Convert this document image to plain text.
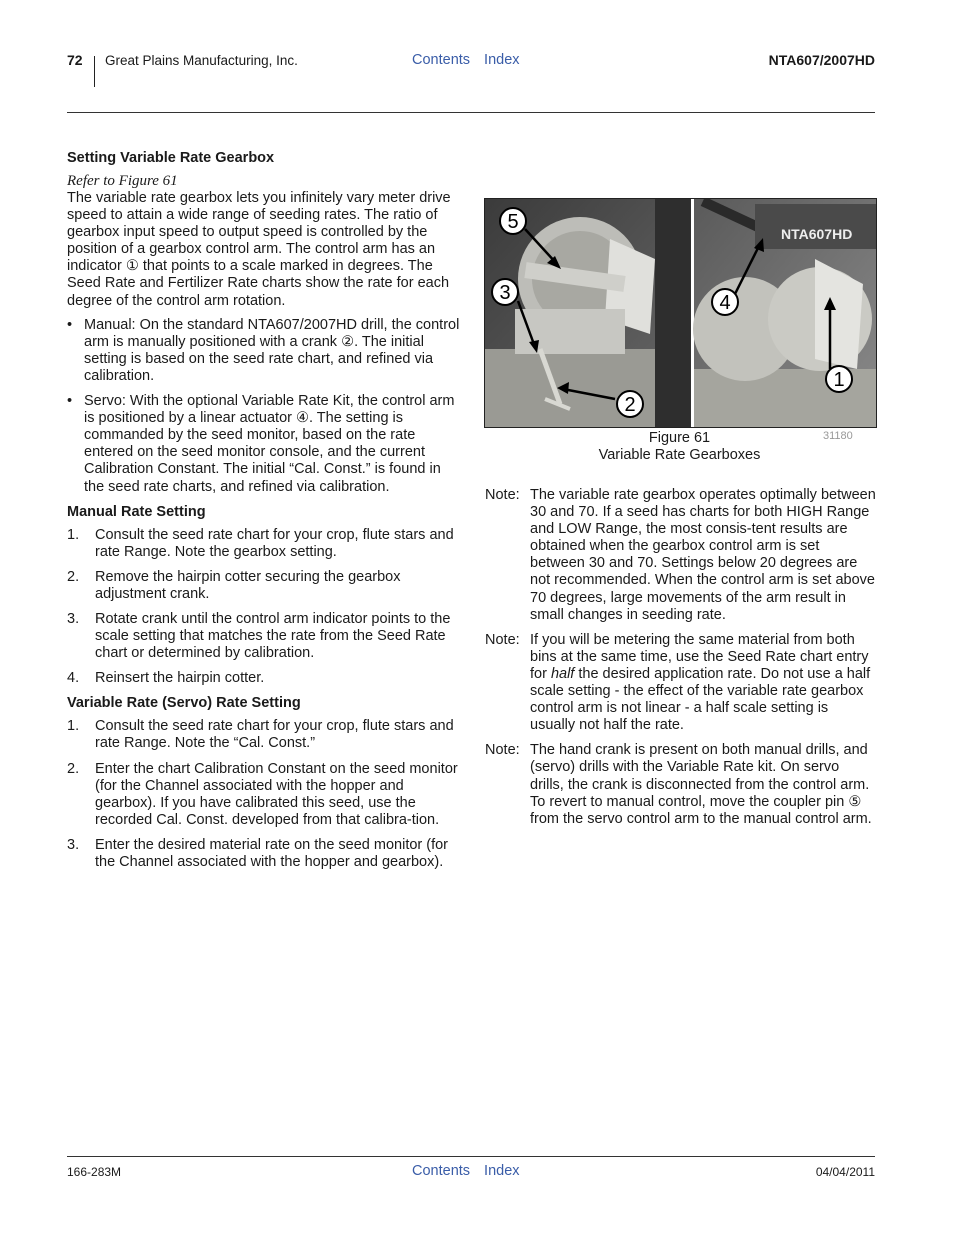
72 Great Plains Manufacturing, Inc.	Contents Index	NTA607/2007HD
Setting Variable Rate Gearbox
Refer to Figure 61

The variable rate gearbox lets you infinitely vary meter drive speed to attain a wide range of seeding rates. The ratio of gearbox input speed to output speed is controlled by the position of a gearbox control arm. The control arm has an indicator ① that points to a scale marked in degrees. The Seed Rate and Fertilizer Rate charts show the rate for each degree of the control arm rotation.

• Manual: On the standard NTA607/2007HD drill, the control arm is manually positioned with a crank ②. The initial setting is based on the seed rate chart, and refined via calibration.
• Servo: With the optional Variable Rate Kit, the control arm is positioned by a linear actuator ④. The setting is commanded by the seed monitor, based on the rate entered on the seed monitor console, and the current Calibration Constant. The initial “Cal. Const.” is found in the seed rate charts, and refined via calibration.
Manual Rate Setting
1. Consult the seed rate chart for your crop, flute stars and rate Range. Note the gearbox setting.
2. Remove the hairpin cotter securing the gearbox adjustment crank.
3. Rotate crank until the control arm indicator points to the scale setting that matches the rate from the Seed Rate chart or determined by calibration.
4. Reinsert the hairpin cotter.
Variable Rate (Servo) Rate Setting
1. Consult the seed rate chart for your crop, flute stars and rate Range. Note the “Cal. Const.”
2. Enter the chart Calibration Constant on the seed monitor (for the Channel associated with the hopper and gearbox). If you have calibrated this seed, use the recorded Cal. Const. developed from that calibra-tion.
3. Enter the desired material rate on the seed monitor (for the Channel associated with the hopper and gearbox).
NTA607HD
5
3
2
4
1
Figure 61
Variable Rate Gearboxes
31180
Note: The variable rate gearbox operates optimally between 30 and 70. If a seed has charts for both HIGH Range and LOW Range, the most consis-tent results are obtained when the gearbox control arm is set between 30 and 70. Settings below 20 degrees are not recommended. When the control arm is set above 70 degrees, large movements of the arm result in small changes in seeding rate.
Note: If you will be metering the same material from both bins at the same time, use the Seed Rate chart entry for half the desired application rate. Do not use a half scale setting - the effect of the variable rate gearbox control arm is not linear - a half scale setting is usually not half the rate.
Note: The hand crank is present on both manual drills, and (servo) drills with the Variable Rate kit. On servo drills, the crank is disconnected from the control arm. To revert to manual control, move the coupler pin ⑤ from the servo control arm to the manual control arm.
166-283M	Contents Index	04/04/2011
